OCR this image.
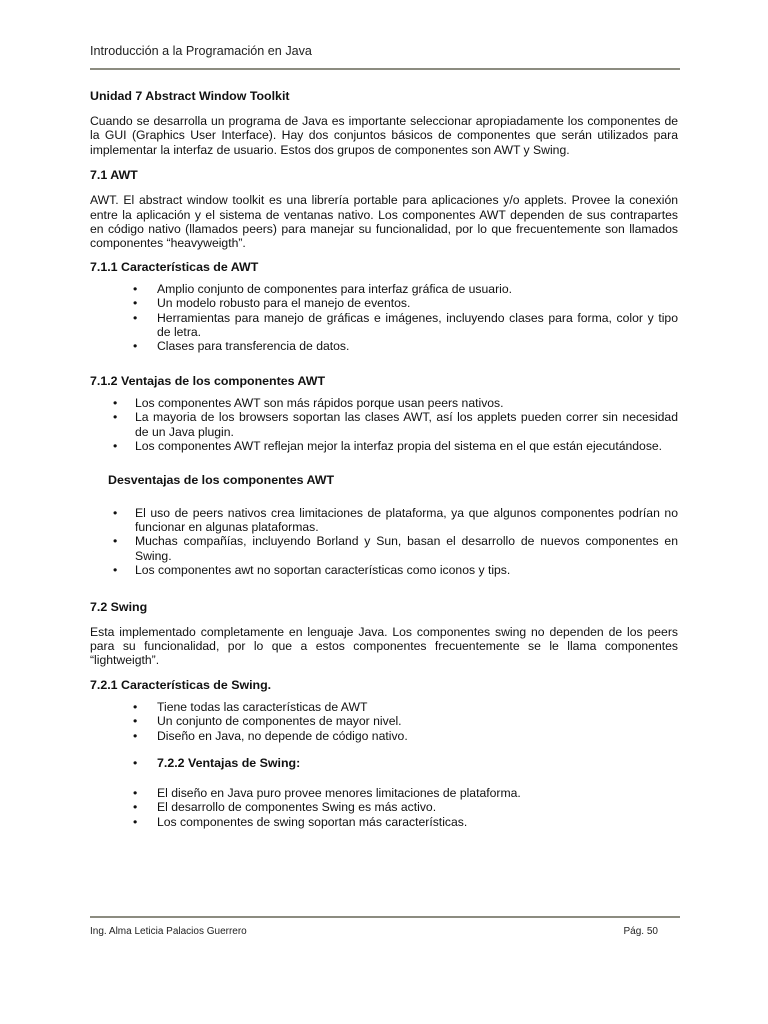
Introducción a la Programación en Java
Unidad 7 Abstract Window Toolkit

Cuando se desarrolla un programa de Java es importante seleccionar apropiadamente los componentes de la GUI (Graphics User Interface). Hay dos conjuntos básicos de componentes que serán utilizados para implementar la interfaz de usuario. Estos dos grupos de componentes son AWT y Swing.

7.1 AWT

AWT. El abstract window toolkit es una librería portable para aplicaciones y/o applets. Provee la conexión entre la aplicación y el sistema de ventanas nativo. Los componentes AWT dependen de sus contrapartes en código nativo (llamados peers) para manejar su funcionalidad, por lo que frecuentemente son llamados componentes “heavyweigth”.

7.1.1 Características de AWT
• Amplio conjunto de componentes para interfaz gráfica de usuario.
• Un modelo robusto para el manejo de eventos.
• Herramientas para manejo de gráficas e imágenes, incluyendo clases para forma, color y tipo de letra.
• Clases para transferencia de datos.
7.1.2 Ventajas de los componentes AWT
• Los componentes AWT son más rápidos porque usan peers nativos.
• La mayoria de los browsers soportan las clases AWT, así los applets pueden correr sin necesidad de un Java plugin.
• Los componentes AWT reflejan mejor la interfaz propia del sistema en el que están ejecutándose.
Desventajas de los componentes AWT
• El uso de peers nativos crea limitaciones de plataforma, ya que algunos componentes podrían no funcionar en algunas plataformas.
• Muchas compañías, incluyendo Borland y Sun, basan el desarrollo de nuevos componentes en Swing.
• Los componentes awt no soportan características como iconos y tips.
7.2 Swing

Esta implementado completamente en lenguaje Java. Los componentes swing no dependen de los peers para su funcionalidad, por lo que a estos componentes frecuentemente se le llama componentes “lightweigth”.

7.2.1 Características de Swing.
• Tiene todas las características de AWT
• Un conjunto de componentes de mayor nivel.
• Diseño en Java, no depende de código nativo.
• 7.2.2 Ventajas de Swing:
• El diseño en Java puro provee menores limitaciones de plataforma.
• El desarrollo de componentes Swing es más activo.
• Los componentes de swing soportan más características.
Ing. Alma Leticia Palacios Guerrero	Pág. 50
